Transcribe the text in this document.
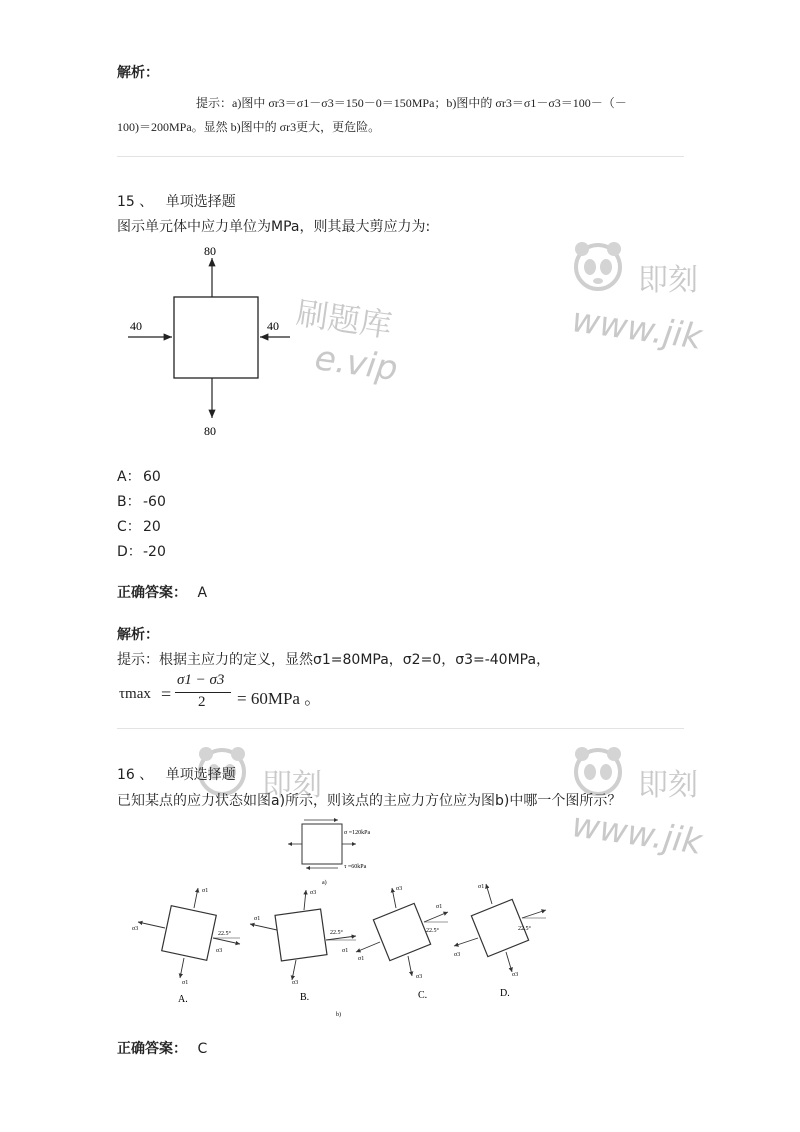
即刻
www.jik
刷题库
e.vip
即刻	即刻
www.jik
解析：
提示：a)图中 σr3＝σ1－σ3＝150－0＝150MPa；b)图中的 σr3＝σ1－σ3＝100－（－
100)＝200MPa。显然 b)图中的 σr3更大，更危险。
15 、 单项选择题
图示单元体中应力单位为MPa，则其最大剪应力为:
80
80
40	40
A： 60
B： -60
C： 20
D：-20
正确答案： A
解析：
提示：根据主应力的定义，显然σ1=80MPa，σ2=0，σ3=-40MPa，
τmax =
σ1 − σ3
2 = 60MPa 。
16 、 单项选择题
已知某点的应力状态如图a)所示，则该点的主应力方位应为图b)中哪一个图所示？
σ =120kPa
τ =60kPa
a)
22.5°
σ1
σ3
σ1
σ3
A.
22.5°
σ1
σ3
σ1
σ3
B.
22.5°
σ1
σ3
σ1
σ3
C.
22.5°
σ1
σ3
σ3
D.
b)
正确答案： C
